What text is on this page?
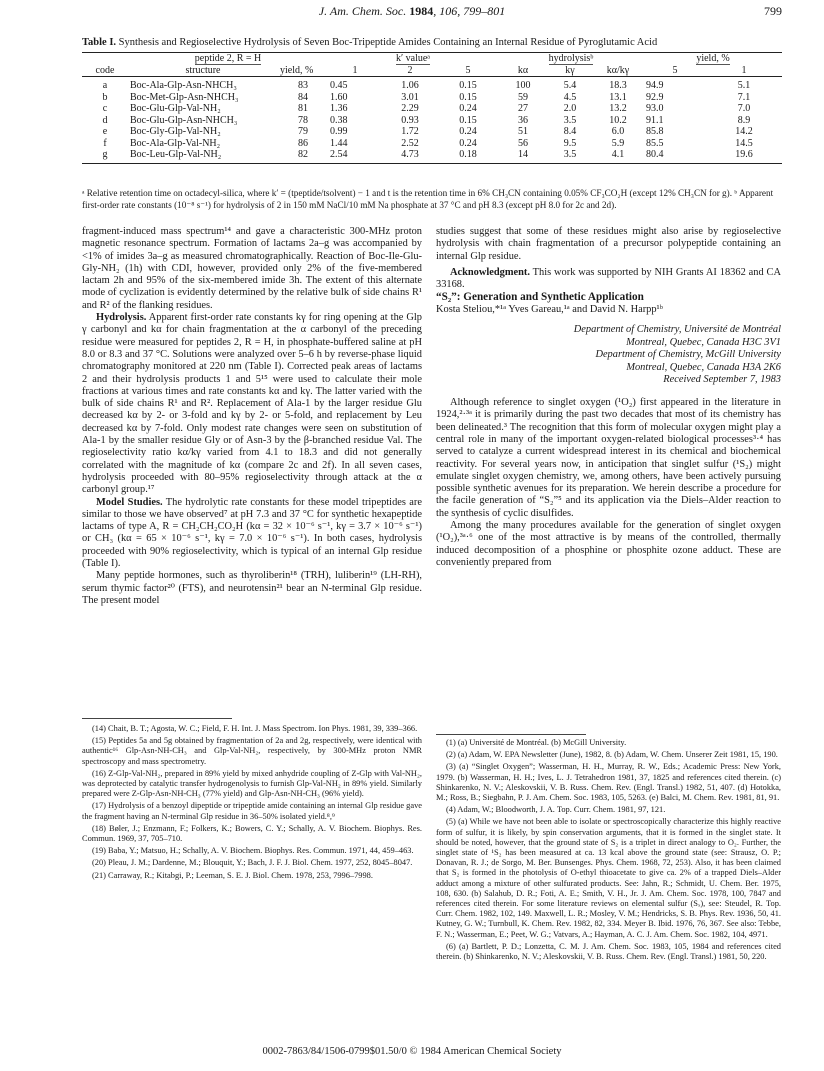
J. Am. Chem. Soc. 1984, 106, 799–801	799
Table I. Synthesis and Regioselective Hydrolysis of Seven Boc-Tripeptide Amides Containing an Internal Residue of Pyroglutamic Acid
	peptide 2, R = H		k′ valueᵃ			hydrolysisᵇ			yield, %	
code	structure	yield, %	1	2	5	kα	kγ	kα/kγ	5	1
a	Boc-Ala-Glp-Asn-NHCH₃	83	0.45	1.06	0.15	100	5.4	18.3	94.9	5.1
b	Boc-Met-Glp-Asn-NHCH₃	84	1.60	3.01	0.15	59	4.5	13.1	92.9	7.1
c	Boc-Glu-Glp-Val-NH₂	81	1.36	2.29	0.24	27	2.0	13.2	93.0	7.0
d	Boc-Glu-Glp-Asn-NHCH₃	78	0.38	0.93	0.15	36	3.5	10.2	91.1	8.9
e	Boc-Gly-Glp-Val-NH₂	79	0.99	1.72	0.24	51	8.4	6.0	85.8	14.2
f	Boc-Ala-Glp-Val-NH₂	86	1.44	2.52	0.24	56	9.5	5.9	85.5	14.5
g	Boc-Leu-Glp-Val-NH₂	82	2.54	4.73	0.18	14	3.5	4.1	80.4	19.6
ᵃ Relative retention time on octadecyl-silica, where k′ = (tpeptide/tsolvent) − 1 and t is the retention time in 6% CH₃CN containing 0.05% CF₃CO₂H (except 12% CH₃CN for g). ᵇ Apparent first-order rate constants (10⁻⁸ s⁻¹) for hydrolysis of 2 in 150 mM NaCl/10 mM Na phosphate at 37 °C and pH 8.3 (except pH 8.0 for 2c and 2d).

fragment-induced mass spectrum¹⁴ and gave a characteristic 300-MHz proton magnetic resonance spectrum. Formation of lactams 2a–g was accompanied by <1% of imides 3a–g as measured chromatographically. Reaction of Boc-Ile-Glu-Gly-NH₂ (1h) with CDI, however, provided only 2% of the five-membered lactam 2h and 95% of the six-membered imide 3h. The extent of this alternate mode of cyclization is evidently determined by the relative bulk of side chains R¹ and R² of the flanking residues.

Hydrolysis. Apparent first-order rate constants kγ for ring opening at the Glp γ carbonyl and kα for chain fragmentation at the α carbonyl of the preceding residue were measured for peptides 2, R = H, in phosphate-buffered saline at pH 8.0 or 8.3 and 37 °C. Solutions were analyzed over 5–6 h by reverse-phase liquid chromatography monitored at 220 nm (Table I). Corrected peak areas of lactams 2 and their hydrolysis products 1 and 5¹⁵ were used to calculate their mole fractions at various times and rate constants kα and kγ. The latter varied with the bulk of side chains R¹ and R². Replacement of Ala-1 by the larger residue Glu decreased kα by 2- or 3-fold and kγ by 2- or 5-fold, and replacement by Leu decreased kα by 7-fold. Only modest rate changes were seen on substitution of Ala-1 by the smaller residue Gly or of Asn-3 by the β-branched residue Val. The regioselectivity ratio kα/kγ varied from 4.1 to 18.3 and did not generally correlated with the magnitude of kα (compare 2c and 2f). In all seven cases, hydrolysis proceeded with 80–95% regioselectivity through attack at the α carbonyl group.¹⁷

Model Studies. The hydrolytic rate constants for these model tripeptides are similar to those we have observed⁷ at pH 7.3 and 37 °C for synthetic hexapeptide lactams of type A, R = CH₂CH₂CO₂H (kα = 32 × 10⁻⁶ s⁻¹, kγ = 3.7 × 10⁻⁶ s⁻¹) or CH₃ (kα = 65 × 10⁻⁶ s⁻¹, kγ = 7.0 × 10⁻⁶ s⁻¹). In both cases, hydrolysis proceeded with 90% regioselectivity, which is typical of an internal Glp residue (Table I).

Many peptide hormones, such as thyroliberin¹⁸ (TRH), luliberin¹⁹ (LH-RH), serum thymic factor²⁰ (FTS), and neurotensin²¹ bear an N-terminal Glp residue. The present model

studies suggest that some of these residues might also arise by regioselective hydrolysis with chain fragmentation of a precursor polypeptide containing an internal Glp residue.

Acknowledgment. This work was supported by NIH Grants AI 18362 and CA 33168.

“S₂”: Generation and Synthetic Application

Kosta Steliou,*¹ᵃ Yves Gareau,¹ᵃ and David N. Harpp¹ᵇ

Department of Chemistry, Université de Montréal

Montreal, Quebec, Canada H3C 3V1

Department of Chemistry, McGill University

Montreal, Quebec, Canada H3A 2K6

Received September 7, 1983

Although reference to singlet oxygen (¹O₂) first appeared in the literature in 1924,²·³ᵃ it is primarily during the past two decades that most of its chemistry has been delineated.³ The recognition that this form of molecular oxygen might play a central role in many of the important oxygen-related biological processes³·⁴ has served to catalyze a current widespread interest in its chemical and biochemical reactivity. For several years now, in anticipation that singlet sulfur (¹S₂) might emulate singlet oxygen chemistry, we, among others, have been actively pursuing possible synthetic avenues for its preparation. We herein describe a procedure for the facile generation of “S₂”⁵ and its application via the Diels–Alder reaction to the synthesis of cyclic disulfides.

Among the many procedures available for the generation of singlet oxygen (¹O₂),³ᵃ·⁶ one of the most attractive is by means of the controlled, thermally induced decomposition of a phosphine or phosphite ozone adduct. These are conveniently prepared from

(14) Chait, B. T.; Agosta, W. C.; Field, F. H. Int. J. Mass Spectrom. Ion Phys. 1981, 39, 339–366.

(15) Peptides 5a and 5g obtained by fragmentation of 2a and 2g, respectively, were identical with authentic¹⁶ Glp-Asn-NH-CH₃ and Glp-Val-NH₂, respectively, by 300-MHz proton NMR spectroscopy and mass spectrometry.

(16) Z-Glp-Val-NH₂, prepared in 89% yield by mixed anhydride coupling of Z-Glp with Val-NH₂, was deprotected by catalytic transfer hydrogenolysis to furnish Glp-Val-NH₂ in 89% yield. Similarly prepared were Z-Glp-Asn-NH-CH₃ (77% yield) and Glp-Asn-NH-CH₃ (96% yield).

(17) Hydrolysis of a benzoyl dipeptide or tripeptide amide containing an internal Glp residue gave the fragment having an N-terminal Glp residue in 36–50% isolated yield.⁸,⁹

(18) Bøler, J.; Enzmann, F.; Folkers, K.; Bowers, C. Y.; Schally, A. V. Biochem. Biophys. Res. Commun. 1969, 37, 705–710.

(19) Baba, Y.; Matsuo, H.; Schally, A. V. Biochem. Biophys. Res. Commun. 1971, 44, 459–463.

(20) Pleau, J. M.; Dardenne, M.; Blouquit, Y.; Bach, J. F. J. Biol. Chem. 1977, 252, 8045–8047.

(21) Carraway, R.; Kitabgi, P.; Leeman, S. E. J. Biol. Chem. 1978, 253, 7996–7998.

(1) (a) Université de Montréal. (b) McGill University.

(2) (a) Adam, W. EPA Newsletter (June), 1982, 8. (b) Adam, W. Chem. Unserer Zeit 1981, 15, 190.

(3) (a) “Singlet Oxygen”; Wasserman, H. H., Murray, R. W., Eds.; Academic Press: New York, 1979. (b) Wasserman, H. H.; Ives, L. J. Tetrahedron 1981, 37, 1825 and references cited therein. (c) Shinkarenko, N. V.; Aleskovskii, V. B. Russ. Chem. Rev. (Engl. Transl.) 1982, 51, 407. (d) Hotokka, M.; Ross, B.; Siegbahn, P. J. Am. Chem. Soc. 1983, 105, 5263. (e) Balci, M. Chem. Rev. 1981, 81, 91.

(4) Adam, W.; Bloodworth, J. A. Top. Curr. Chem. 1981, 97, 121.

(5) (a) While we have not been able to isolate or spectroscopically characterize this highly reactive form of sulfur, it is likely, by spin conservation arguments, that it is formed in the singlet state. It should be noted, however, that the ground state of S₂ is a triplet in direct analogy to O₂. Further, the singlet state of ¹S₂ has been measured at ca. 13 kcal above the ground state (see: Strausz, O. P.; Donavan, R. J.; de Sorgo, M. Ber. Bunsenges. Phys. Chem. 1968, 72, 253). Also, it has been claimed that S₂ is formed in the photolysis of O-ethyl thioacetate to give ca. 2% of a trapped Diels–Alder adduct among a mixture of other sulfurated products. See: Jahn, R.; Schmidt, U. Chem. Ber. 1975, 108, 630. (b) Salahub, D. R.; Foti, A. E.; Smith, V. H., Jr. J. Am. Chem. Soc. 1978, 100, 7847 and references cited therein. For some literature reviews on elemental sulfur (Sₓ), see: Steudel, R. Top. Curr. Chem. 1982, 102, 149. Maxwell, L. R.; Mosley, V. M.; Hendricks, S. B. Phys. Rev. 1936, 50, 41. Kutney, G. W.; Turnbull, K. Chem. Rev. 1982, 82, 334. Meyer B. Ibid. 1976, 76, 367. See also: Tebbe, F. N.; Wasserman, E.; Peet, W. G.; Vatvars, A.; Hayman, A. C. J. Am. Chem. Soc. 1982, 104, 4971.

(6) (a) Bartlett, P. D.; Lonzetta, C. M. J. Am. Chem. Soc. 1983, 105, 1984 and references cited therein. (b) Shinkarenko, N. V.; Aleskovskii, V. B. Russ. Chem. Rev. (Engl. Transl.) 1981, 50, 220.

0002-7863/84/1506-0799$01.50/0 © 1984 American Chemical Society
